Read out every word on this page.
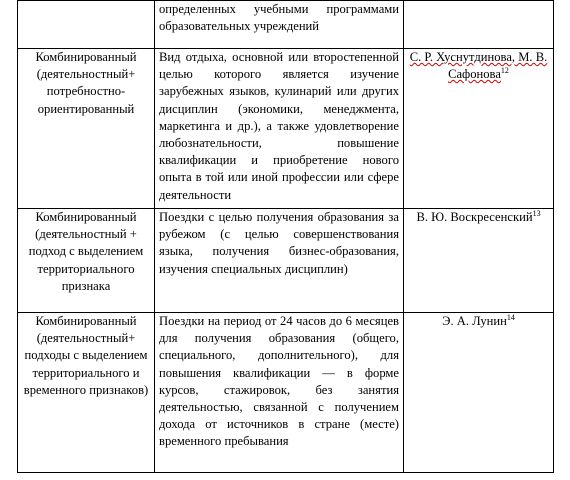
	определенных учебными программами образовательных учреждений	
Комбинированный (деятельностный+ потребностно-ориентированный	Вид отдыха, основной или второстепенной целью которого является изучение зарубежных языков, кулинарий или других дисциплин (экономики, менеджмента, маркетинга и др.), а также удовлетворение любознательности, повышение квалификации и приобретение нового опыта в той или иной профессии или сфере деятельности	С. Р. Хуснутдинова, М. В. Сафонова$^{12}$
Комбинированный (деятельностный + подход с выделением территориального признака	Поездки с целью получения образования за рубежом (с целью совершенствования языка, получения бизнес-образования, изучения специальных дисциплин)	В. Ю. Воскресенский$^{13}$
Комбинированный (деятельностный+ подходы с выделением территориального и временного признаков)	Поездки на период от 24 часов до 6 месяцев для получения образования (общего, специального, дополнительного), для повышения квалификации — в форме курсов, стажировок, без занятия деятельностью, связанной с получением дохода от источников в стране (месте) временного пребывания	Э. А. Лунин$^{14}$
